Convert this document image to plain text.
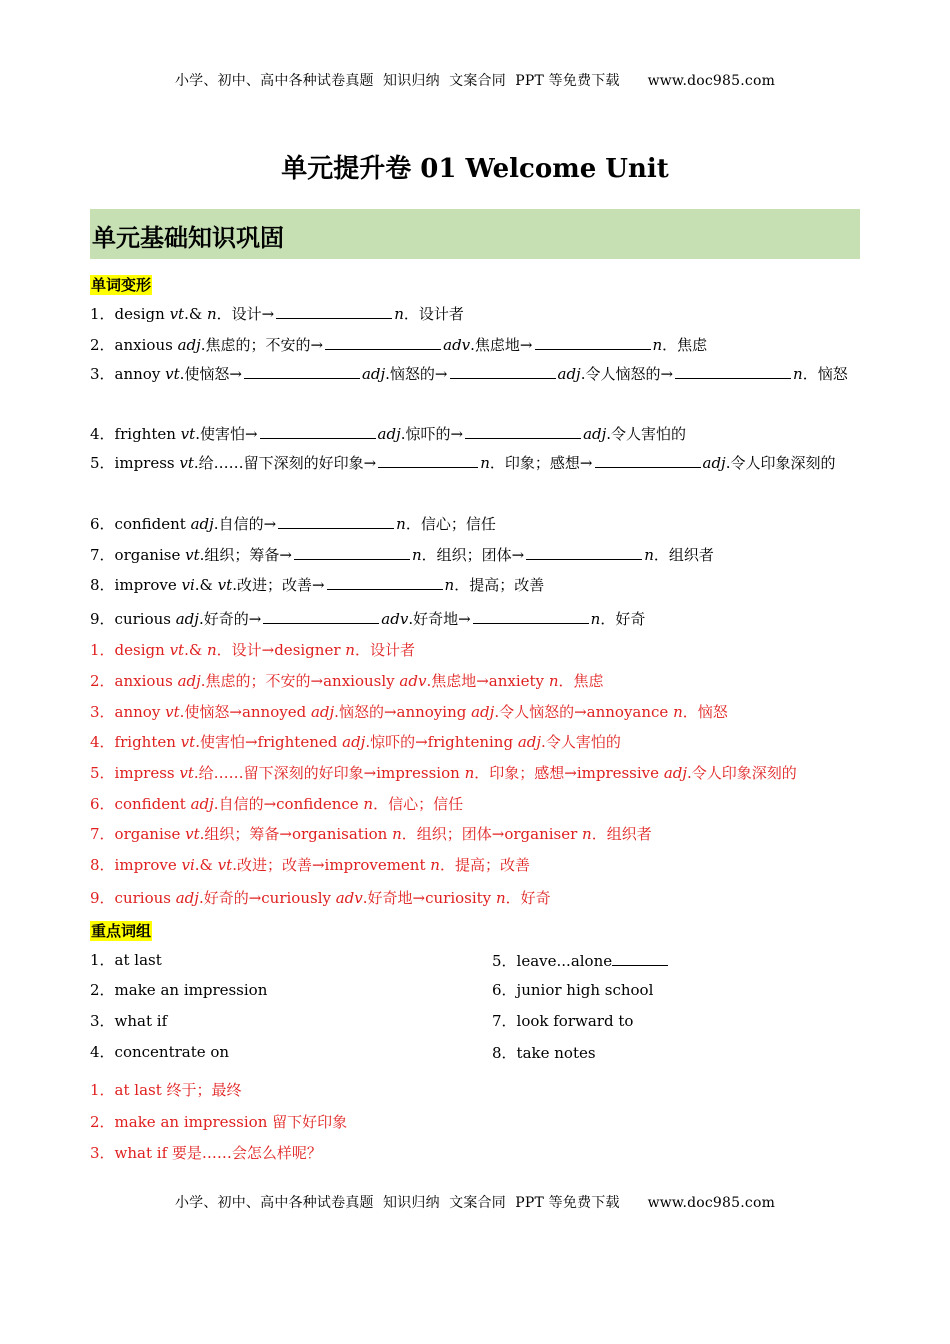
小学、初中、高中各种试卷真题  知识归纳  文案合同  PPT 等免费下载      www.doc985.com
单元提升卷 01 Welcome Unit
单元基础知识巩固
单词变形
1．design vt.& n．设计→	n．设计者
2．anxious adj.焦虑的；不安的→	adv.焦虑地→	n．焦虑
3．annoy vt.使恼怒→	adj.恼怒的→	adj.令人恼怒的→	n．恼怒
4．frighten vt.使害怕→	adj.惊吓的→	adj.令人害怕的
5．impress vt.给……留下深刻的好印象→	n．印象；感想→	adj.令人印象深刻的
6．confident adj.自信的→	n．信心；信任
7．organise vt.组织；筹备→	n．组织；团体→	n．组织者
8．improve vi.& vt.改进；改善→	n．提高；改善
9．curious adj.好奇的→	adv.好奇地→	n．好奇
1．design vt.& n．设计→designer n．设计者
2．anxious adj.焦虑的；不安的→anxiously adv.焦虑地→anxiety n．焦虑
3．annoy vt.使恼怒→annoyed adj.恼怒的→annoying adj.令人恼怒的→annoyance n．恼怒
4．frighten vt.使害怕→frightened adj.惊吓的→frightening adj.令人害怕的
5．impress vt.给……留下深刻的好印象→impression n．印象；感想→impressive adj.令人印象深刻的
6．confident adj.自信的→confidence n．信心；信任
7．organise vt.组织；筹备→organisation n．组织；团体→organiser n．组织者
8．improve vi.& vt.改进；改善→improvement n．提高；改善
9．curious adj.好奇的→curiously adv.好奇地→curiosity n．好奇
重点词组
1．at last
2．make an impression
3．what if
4．concentrate on
5．leave...alone
6．junior high school
7．look forward to
8．take notes
1．at last 终于；最终
2．make an impression 留下好印象
3．what if 要是……会怎么样呢？
小学、初中、高中各种试卷真题  知识归纳  文案合同  PPT 等免费下载      www.doc985.com
